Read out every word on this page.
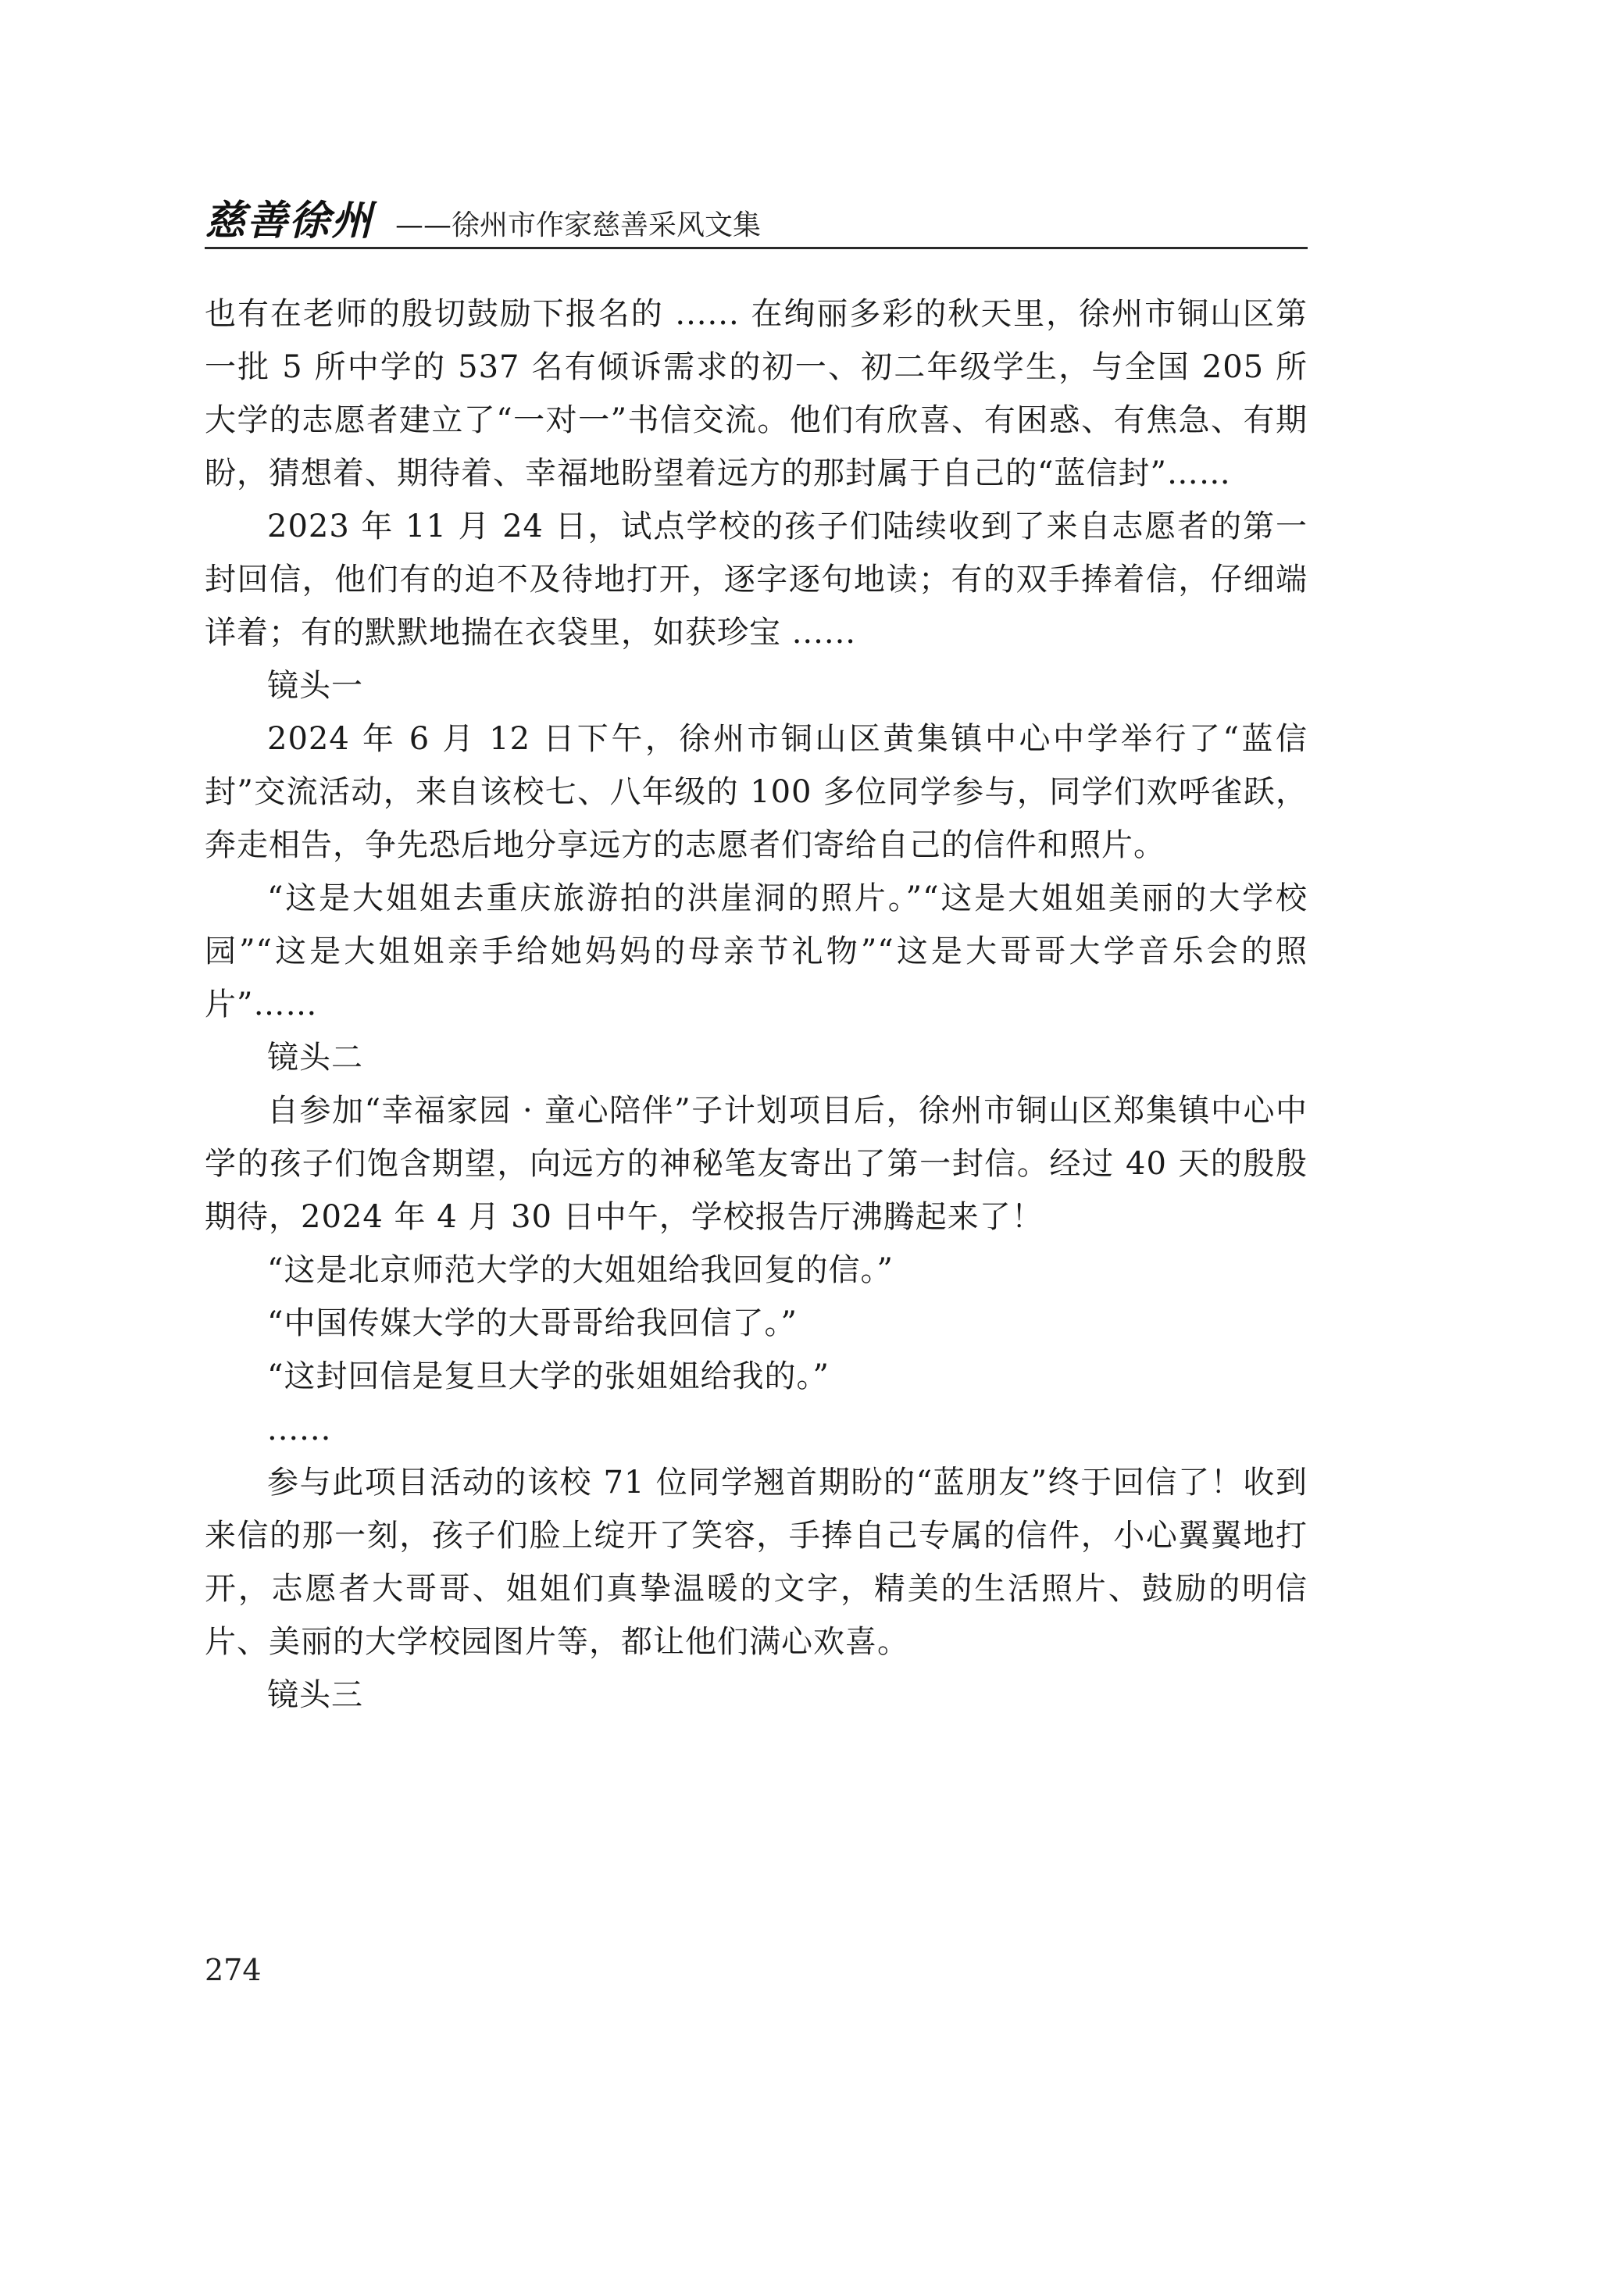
慈善徐州 ——徐州市作家慈善采风文集

也有在老师的殷切鼓励下报名的 ...... 在绚丽多彩的秋天里，徐州市铜山区第一批 5 所中学的 537 名有倾诉需求的初一、初二年级学生，与全国 205 所大学的志愿者建立了“一对一”书信交流。他们有欣喜、有困惑、有焦急、有期盼，猜想着、期待着、幸福地盼望着远方的那封属于自己的“蓝信封”……

2023 年 11 月 24 日，试点学校的孩子们陆续收到了来自志愿者的第一封回信，他们有的迫不及待地打开，逐字逐句地读；有的双手捧着信，仔细端详着；有的默默地揣在衣袋里，如获珍宝 ......

镜头一

2024 年 6 月 12 日下午，徐州市铜山区黄集镇中心中学举行了“蓝信封”交流活动，来自该校七、八年级的 100 多位同学参与，同学们欢呼雀跃，奔走相告，争先恐后地分享远方的志愿者们寄给自己的信件和照片。

“这是大姐姐去重庆旅游拍的洪崖洞的照片。”“这是大姐姐美丽的大学校园”“这是大姐姐亲手给她妈妈的母亲节礼物”“这是大哥哥大学音乐会的照片”……

镜头二

自参加“幸福家园 · 童心陪伴”子计划项目后，徐州市铜山区郑集镇中心中学的孩子们饱含期望，向远方的神秘笔友寄出了第一封信。经过 40 天的殷殷期待，2024 年 4 月 30 日中午，学校报告厅沸腾起来了！

“这是北京师范大学的大姐姐给我回复的信。”

“中国传媒大学的大哥哥给我回信了。”

“这封回信是复旦大学的张姐姐给我的。”

......

参与此项目活动的该校 71 位同学翘首期盼的“蓝朋友”终于回信了！收到来信的那一刻，孩子们脸上绽开了笑容，手捧自己专属的信件，小心翼翼地打开，志愿者大哥哥、姐姐们真挚温暖的文字，精美的生活照片、鼓励的明信片、美丽的大学校园图片等，都让他们满心欢喜。

镜头三

274
